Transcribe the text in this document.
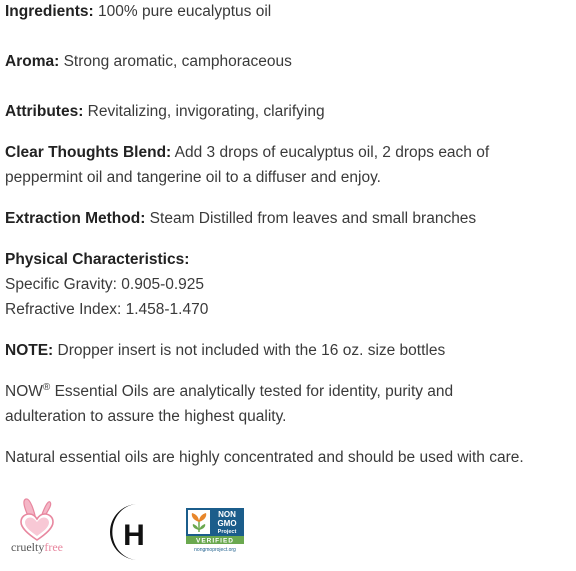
Ingredients: 100% pure eucalyptus oil
Aroma: Strong aromatic, camphoraceous
Attributes: Revitalizing, invigorating, clarifying
Clear Thoughts Blend: Add 3 drops of eucalyptus oil, 2 drops each of
peppermint oil and tangerine oil to a diffuser and enjoy.
Extraction Method: Steam Distilled from leaves and small branches
Physical Characteristics:
Specific Gravity: 0.905-0.925
Refractive Index: 1.458-1.470
NOTE: Dropper insert is not included with the 16 oz. size bottles
NOW® Essential Oils are analytically tested for identity, purity and
adulteration to assure the highest quality.
Natural essential oils are highly concentrated and should be used with care.
crueltyfree H
NON
GMO
Project
VERIFIED
nongmoproject.org
